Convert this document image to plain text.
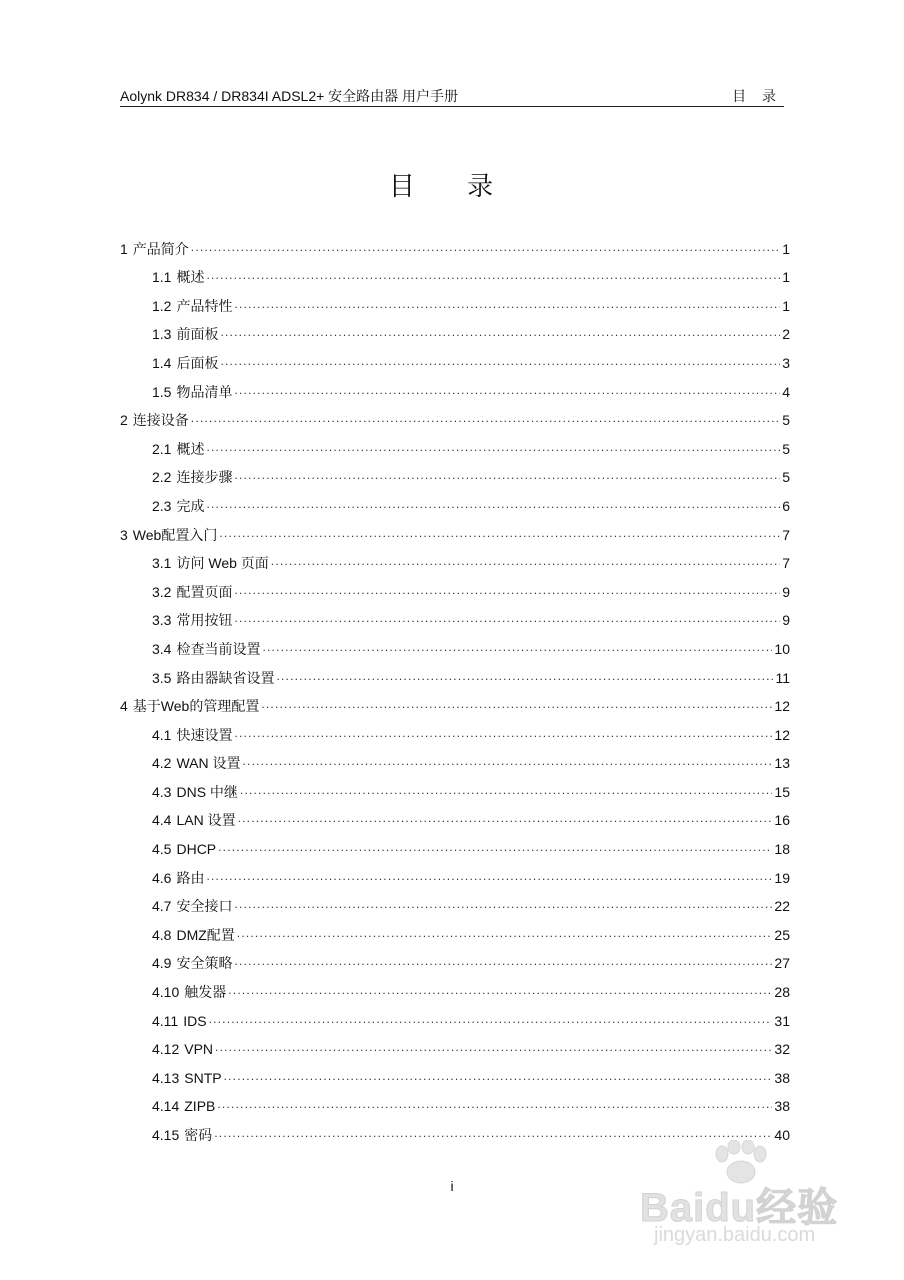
Aolynk DR834 / DR834I ADSL2+ 安全路由器 用户手册	目 录
目 录
1 产品简介 .....	1
1.1 概述 .....	1
1.2 产品特性 .....	1
1.3 前面板 .....	2
1.4 后面板 .....	3
1.5 物品清单 .....	4
2 连接设备 .....	5
2.1 概述 .....	5
2.2 连接步骤 .....	5
2.3 完成 .....	6
3 Web配置入门 .....	7
3.1 访问 Web 页面 .....	7
3.2 配置页面 .....	9
3.3 常用按钮 .....	9
3.4 检查当前设置 .....	10
3.5 路由器缺省设置 .....	11
4 基于Web的管理配置 .....	12
4.1 快速设置 .....	12
4.2 WAN 设置 .....	13
4.3 DNS 中继 .....	15
4.4 LAN 设置 .....	16
4.5 DHCP .....	18
4.6 路由 .....	19
4.7 安全接口 .....	22
4.8 DMZ配置 .....	25
4.9 安全策略 .....	27
4.10 触发器 .....	28
4.11 IDS .....	31
4.12 VPN .....	32
4.13 SNTP .....	38
4.14 ZIPB .....	38
4.15 密码 .....	40
i	Baidu经验
jingyan.baidu.com
